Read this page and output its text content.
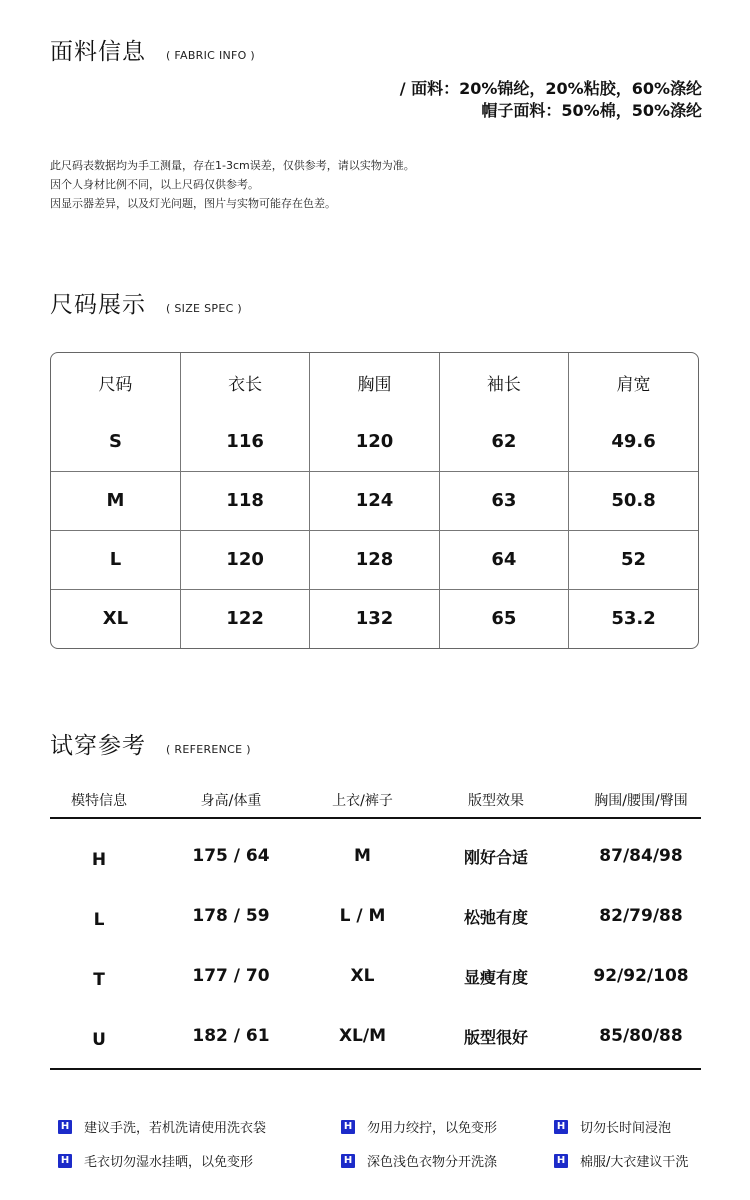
面料信息 ( FABRIC INFO )
/ 面料：20%锦纶，20%粘胶，60%涤纶
帽子面料：50%棉，50%涤纶
此尺码表数据均为手工测量，存在1-3cm误差，仅供参考，请以实物为准。
因个人身材比例不同，以上尺码仅供参考。
因显示器差异，以及灯光问题，图片与实物可能存在色差。
尺码展示 ( SIZE SPEC )
尺码	衣长	胸围	袖长	肩宽
S	116	120	62	49.6
M	118	124	63	50.8
L	120	128	64	52
XL	122	132	65	53.2
试穿参考 ( REFERENCE )
模特信息	身高/体重	上衣/裤子	版型效果	胸围/腰围/臀围
H	175 / 64	M	刚好合适	87/84/98
L	178 / 59	L / M	松弛有度	82/79/88
T	177 / 70	XL	显瘦有度	92/92/108
U	182 / 61	XL/M	版型很好	85/80/88
H 建议手洗，若机洗请使用洗衣袋	H 勿用力绞拧，以免变形	H 切勿长时间浸泡
H 毛衣切勿湿水挂晒，以免变形	H 深色浅色衣物分开洗涤	H 棉服/大衣建议干洗
